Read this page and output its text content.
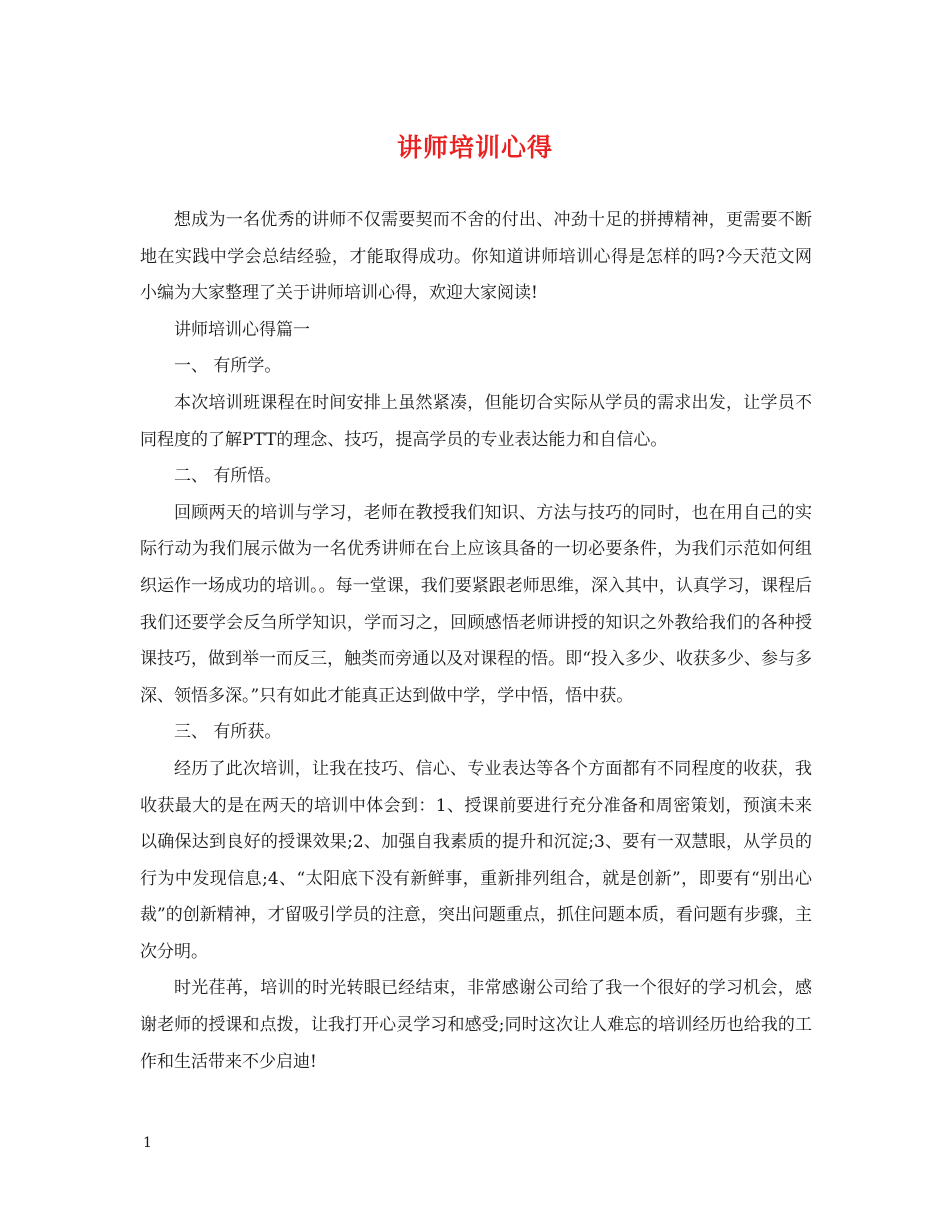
讲师培训心得

想成为一名优秀的讲师不仅需要契而不舍的付出、冲劲十足的拼搏精神，更需要不断地在实践中学会总结经验，才能取得成功。你知道讲师培训心得是怎样的吗?今天范文网小编为大家整理了关于讲师培训心得，欢迎大家阅读!

讲师培训心得篇一

一、 有所学。

本次培训班课程在时间安排上虽然紧凑，但能切合实际从学员的需求出发，让学员不同程度的了解PTT的理念、技巧，提高学员的专业表达能力和自信心。

二、 有所悟。

回顾两天的培训与学习，老师在教授我们知识、方法与技巧的同时，也在用自己的实际行动为我们展示做为一名优秀讲师在台上应该具备的一切必要条件，为我们示范如何组织运作一场成功的培训。。每一堂课，我们要紧跟老师思维，深入其中，认真学习，课程后我们还要学会反刍所学知识，学而习之，回顾感悟老师讲授的知识之外教给我们的各种授课技巧，做到举一而反三，触类而旁通以及对课程的悟。即“投入多少、收获多少、参与多深、领悟多深。”只有如此才能真正达到做中学，学中悟，悟中获。

三、 有所获。

经历了此次培训，让我在技巧、信心、专业表达等各个方面都有不同程度的收获，我收获最大的是在两天的培训中体会到：1、授课前要进行充分准备和周密策划，预演未来以确保达到良好的授课效果;2、加强自我素质的提升和沉淀;3、要有一双慧眼，从学员的行为中发现信息;4、“太阳底下没有新鲜事，重新排列组合，就是创新”，即要有“别出心裁”的创新精神，才留吸引学员的注意，突出问题重点，抓住问题本质，看问题有步骤，主次分明。

时光荏苒，培训的时光转眼已经结束，非常感谢公司给了我一个很好的学习机会，感谢老师的授课和点拨，让我打开心灵学习和感受;同时这次让人难忘的培训经历也给我的工作和生活带来不少启迪!

1
